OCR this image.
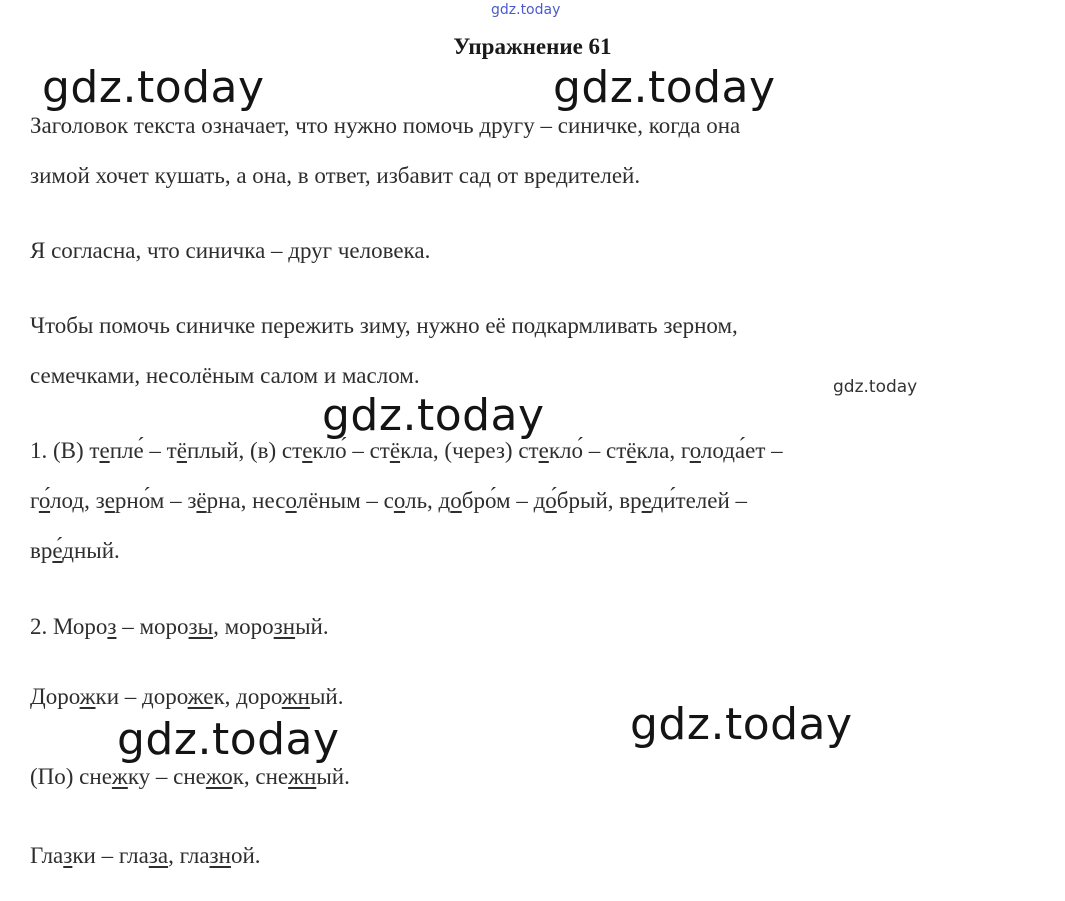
gdz.today
Упражнение 61
gdz.today	gdz.today
Заголовок текста означает, что нужно помочь другу – синичке, когда она
зимой хочет кушать, а она, в ответ, избавит сад от вредителей.
Я согласна, что синичка – друг человека.
Чтобы помочь синичке пережить зиму, нужно её подкармливать зерном,
семечками, несолёным салом и маслом.	gdz.today
gdz.today
1. (В) тепле́ – тёплый, (в) стекло́ – стёкла, (через) стекло́ – стёкла, голода́ет –
го́лод, зерно́м – зёрна, несолёным – соль, добро́м – до́брый, вреди́телей –
вре́дный.
2. Мороз – морозы, морозный.
Дорожки – дорожек, дорожный.
gdz.today
gdz.today
(По) снежку – снежок, снежный.
Глазки – глаза, глазной.
